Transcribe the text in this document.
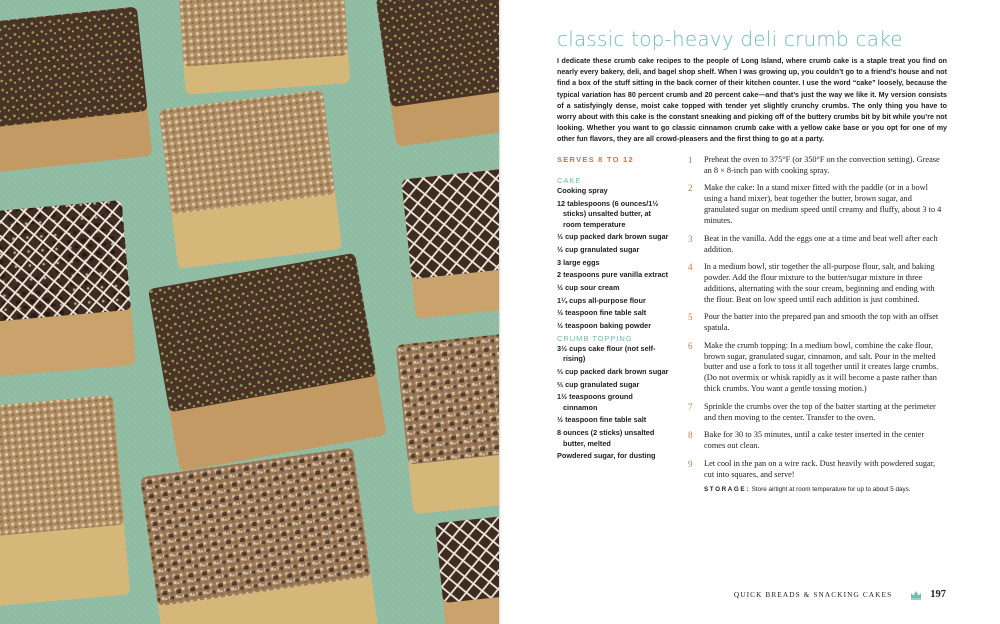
classic top-heavy deli crumb cake

I dedicate these crumb cake recipes to the people of Long Island, where crumb cake is a staple treat you find on nearly every bakery, deli, and bagel shop shelf. When I was growing up, you couldn’t go to a friend’s house and not find a box of the stuff sitting in the back corner of their kitchen counter. I use the word “cake” loosely, because the typical variation has 80 percent crumb and 20 percent cake—and that’s just the way we like it. My version consists of a satisfyingly dense, moist cake topped with tender yet slightly crunchy crumbs. The only thing you have to worry about with this cake is the constant sneaking and picking off of the buttery crumbs bit by bit while you’re not looking. Whether you want to go classic cinnamon crumb cake with a yellow cake base or you opt for one of my other fun flavors, they are all crowd-pleasers and the first thing to go at a party.

SERVES 8 TO 12
CAKE
Cooking spray
12 tablespoons (6 ounces/1½ sticks) unsalted butter, at room temperature
½ cup packed dark brown sugar
½ cup granulated sugar
3 large eggs
2 teaspoons pure vanilla extract
½ cup sour cream
1¼ cups all-purpose flour
½ teaspoon fine table salt
½ teaspoon baking powder
CRUMB TOPPING
3½ cups cake flour (not self-rising)
⅔ cup packed dark brown sugar
⅔ cup granulated sugar
1½ teaspoons ground cinnamon
½ teaspoon fine table salt
8 ounces (2 sticks) unsalted butter, melted
Powdered sugar, for dusting
1	Preheat the oven to 375°F (or 350°F on the convection setting). Grease an 8 × 8-inch pan with cooking spray.
2	Make the cake: In a stand mixer fitted with the paddle (or in a bowl using a hand mixer), beat together the butter, brown sugar, and granulated sugar on medium speed until creamy and fluffy, about 3 to 4 minutes.
3	Beat in the vanilla. Add the eggs one at a time and beat well after each addition.
4	In a medium bowl, stir together the all-purpose flour, salt, and baking powder. Add the flour mixture to the butter/sugar mixture in three additions, alternating with the sour cream, beginning and ending with the flour. Beat on low speed until each addition is just combined.
5	Pour the batter into the prepared pan and smooth the top with an offset spatula.
6	Make the crumb topping: In a medium bowl, combine the cake flour, brown sugar, granulated sugar, cinnamon, and salt. Pour in the melted butter and use a fork to toss it all together until it creates large crumbs. (Do not overmix or whisk rapidly as it will become a paste rather than thick crumbs. You want a gentle tossing motion.)
7	Sprinkle the crumbs over the top of the batter starting at the perimeter and then moving to the center. Transfer to the oven.
8	Bake for 30 to 35 minutes, until a cake tester inserted in the center comes out clean.
9	Let cool in the pan on a wire rack. Dust heavily with powdered sugar, cut into squares, and serve!
STORAGE: Store airtight at room temperature for up to about 5 days.
QUICK BREADS & SNACKING CAKES	197
